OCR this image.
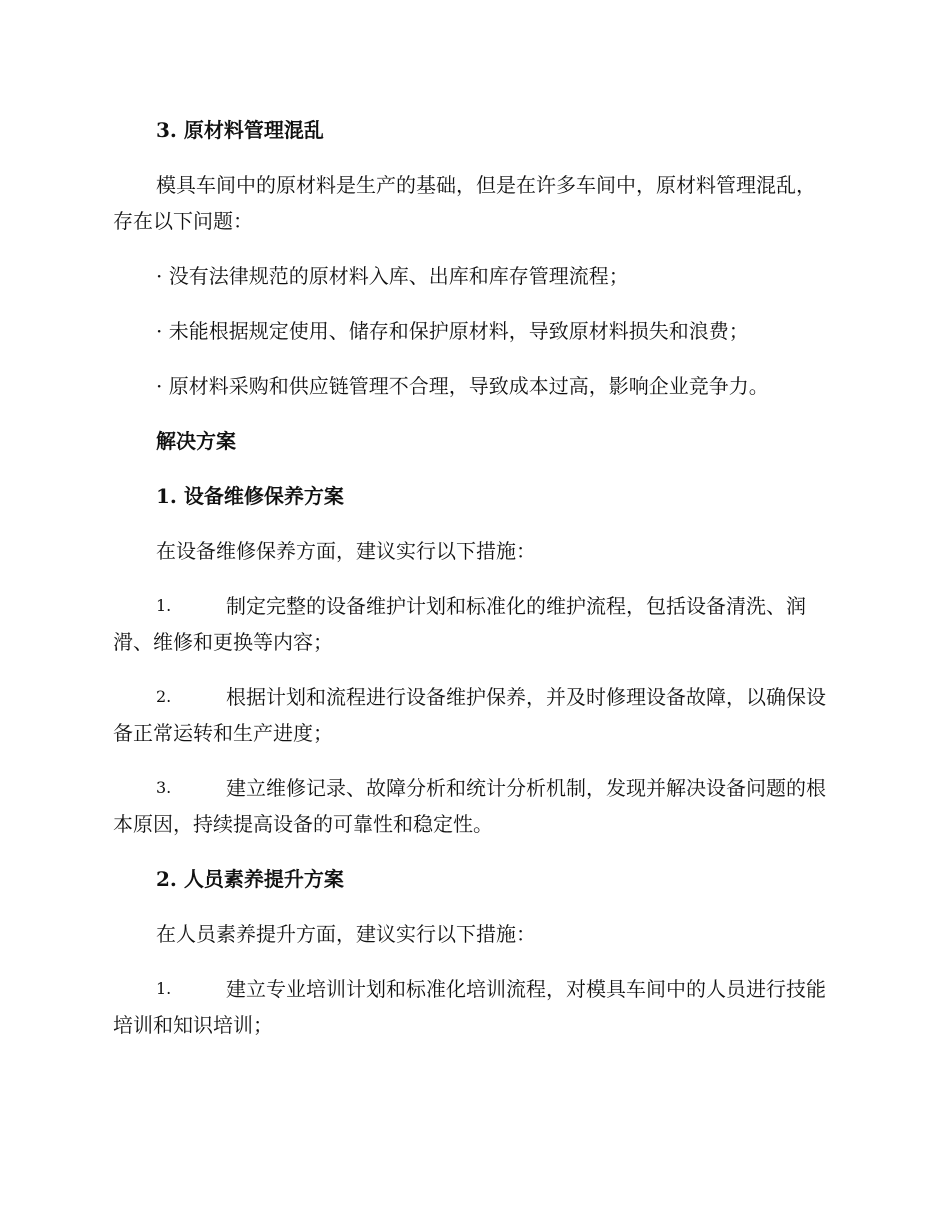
3. 原材料管理混乱
模具车间中的原材料是生产的基础，但是在许多车间中，原材料管理混乱，存在以下问题：
· 没有法律规范的原材料入库、出库和库存管理流程；
· 未能根据规定使用、储存和保护原材料，导致原材料损失和浪费；
· 原材料采购和供应链管理不合理，导致成本过高，影响企业竞争力。
解决方案
1. 设备维修保养方案
在设备维修保养方面，建议实行以下措施：
1.	制定完整的设备维护计划和标准化的维护流程，包括设备清洗、润滑、维修和更换等内容；
2.	根据计划和流程进行设备维护保养，并及时修理设备故障，以确保设备正常运转和生产进度；
3.	建立维修记录、故障分析和统计分析机制，发现并解决设备问题的根本原因，持续提高设备的可靠性和稳定性。
2. 人员素养提升方案
在人员素养提升方面，建议实行以下措施：
1.	建立专业培训计划和标准化培训流程，对模具车间中的人员进行技能培训和知识培训；
